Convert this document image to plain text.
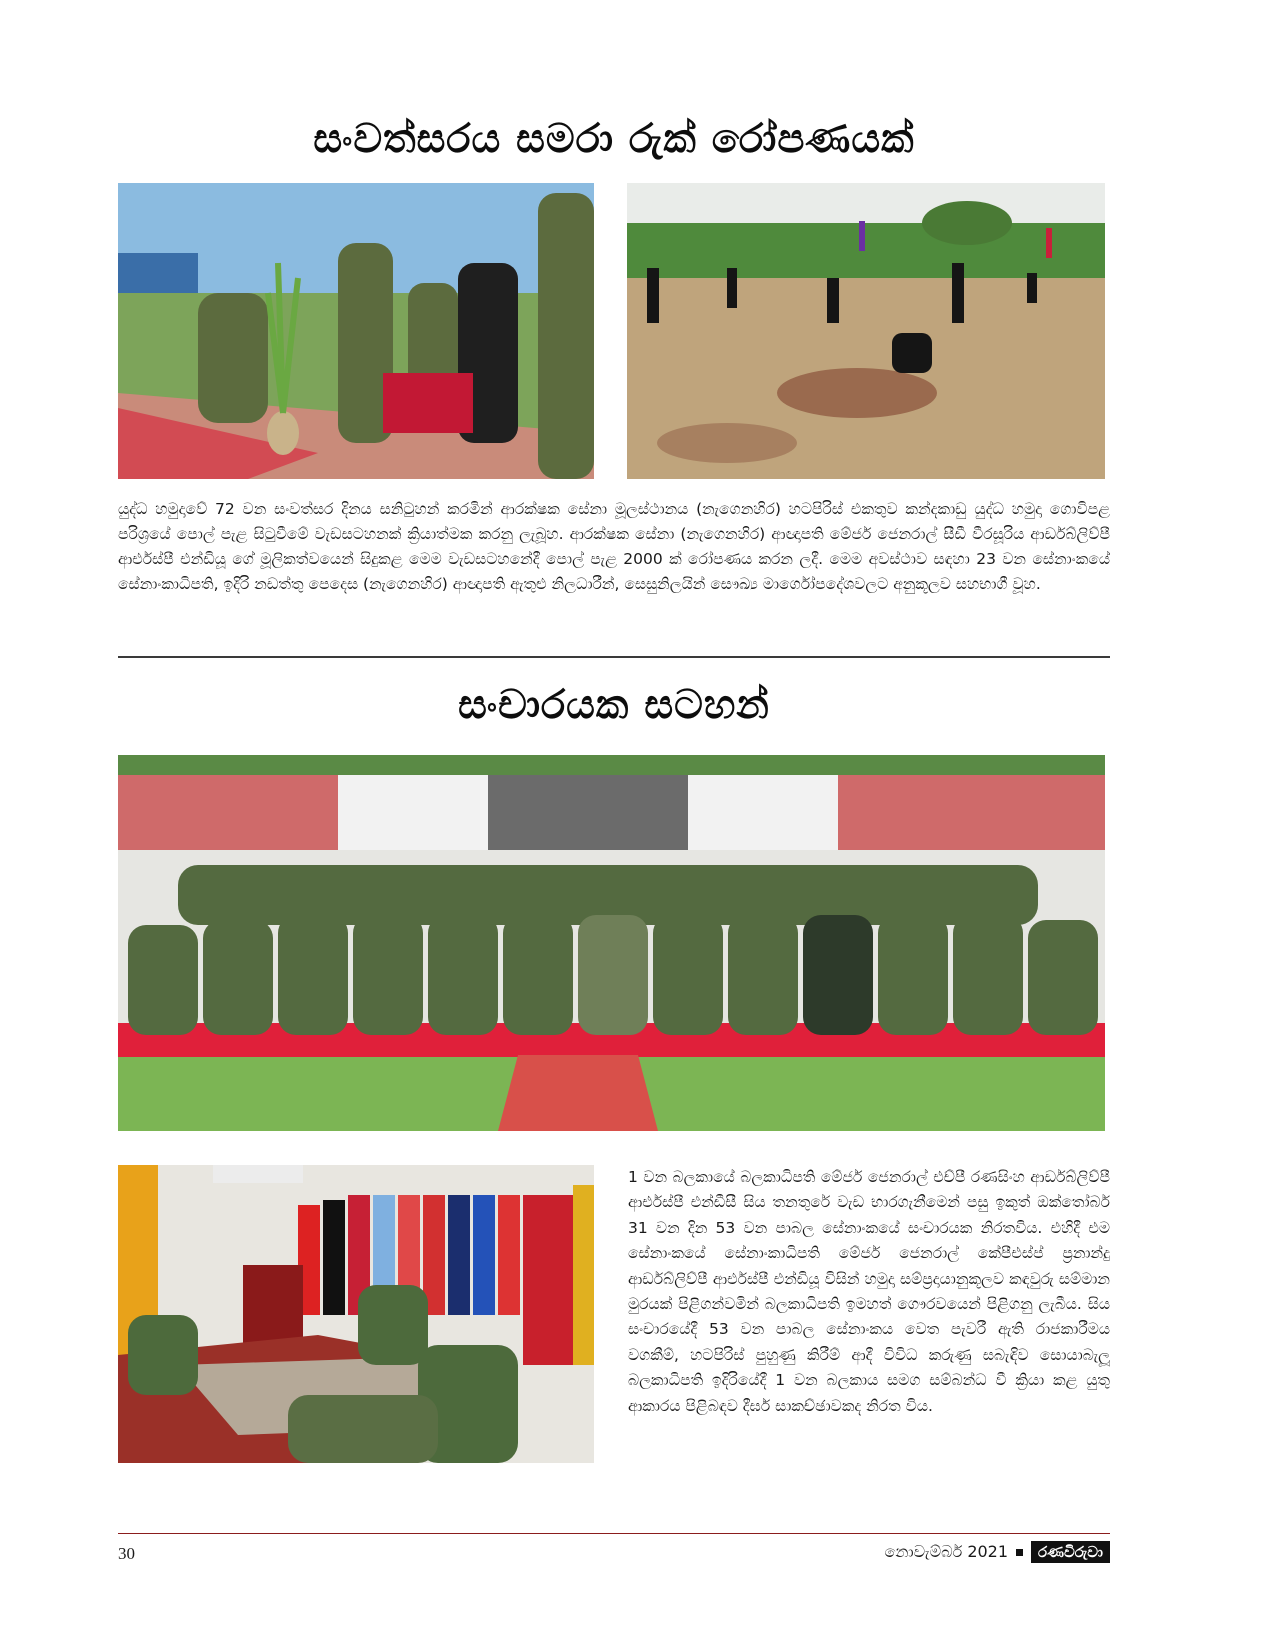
සංවත්සරය සමරා රුක් රෝපණයක්

යුද්ධ හමුදාවේ 72 වන සංවත්සර දිනය සනිටුහන් කරමින් ආරක්ෂක සේනා මූලස්ථානය (නැගෙනහිර) හටපිරිස් එකතුව කන්දකාඩු යුද්ධ හමුදා ගොවිපළ පරිශ්‍රයේ පොල් පැළ සිටුවීමේ වැඩසටහනක් ක්‍රියාත්මක කරනු ලැබූහ. ආරක්ෂක සේනා (නැගෙනහිර) ආඥාපති මේජර් ජෙනරාල් සීඩී වීරසූරිය ආර්ඩබ්ලිව්පී ආර්එස්පී එන්ඩියූ ගේ මූලිකත්වයෙන් සිදුකළ මෙම වැඩසටහනේදී පොල් පැළ 2000 ක් රෝපණය කරන ලදී. මෙම අවස්ථාව සඳහා 23 වන සේනාංකයේ සේනාංකාධිපති, ඉදිරි නඩත්තු පෙදෙස (නැගෙනහිර) ආඥාපති ඇතුළු නිලධාරීන්, සෙසුනිලයින් සෞඛ්‍ය මාර්ගෝපදේශවලට අනුකූලව සහභාගී වූහ.

සංචාරයක සටහන්

1 වන බලකායේ බලකාධිපති මේජර් ජෙනරාල් එච්පී රණසිංහ ආර්ඩබ්ලිව්පී ආර්එස්පී එන්ඩීසී සිය තනතුරේ වැඩ භාරගැනීමෙන් පසු ඉකුත් ඔක්තෝබර් 31 වන දින 53 වන පාබල සේනාංකයේ සංචාරයක නිරතවිය. එහිදී එම සේනාංකයේ සේනාංකාධිපති මේජර් ජෙනරාල් කේපීඑස්ප් ප්‍රනාන්දු ආර්ඩබ්ලිව්පී ආර්එස්පී එන්ඩියූ විසින් හමුදා සම්ප්‍රදායානුකූලව කඳවුරු සම්මාන මුරයක් පිළිගන්වමින් බලකාධිපති ඉමහත් ගෞරවයෙන් පිළිගනු ලැබීය. සිය සංචාරයේදී 53 වන පාබල සේනාංකය වෙත පැවරී ඇති රාජකාරීමය වගකීම්, හටපිරිස් පුහුණු කිරීම් ආදී විවිධ කරුණු සබැඳිව සොයාබැලූ බලකාධිපති ඉදිරියේදී 1 වන බලකාය සමග සම්බන්ධ වී ක්‍රියා කළ යුතු ආකාරය පිළිබඳව දීර්ඝ සාකච්ඡාවකද නිරත විය.

30	නොවැම්බර් 2021	රණවිරුවා
